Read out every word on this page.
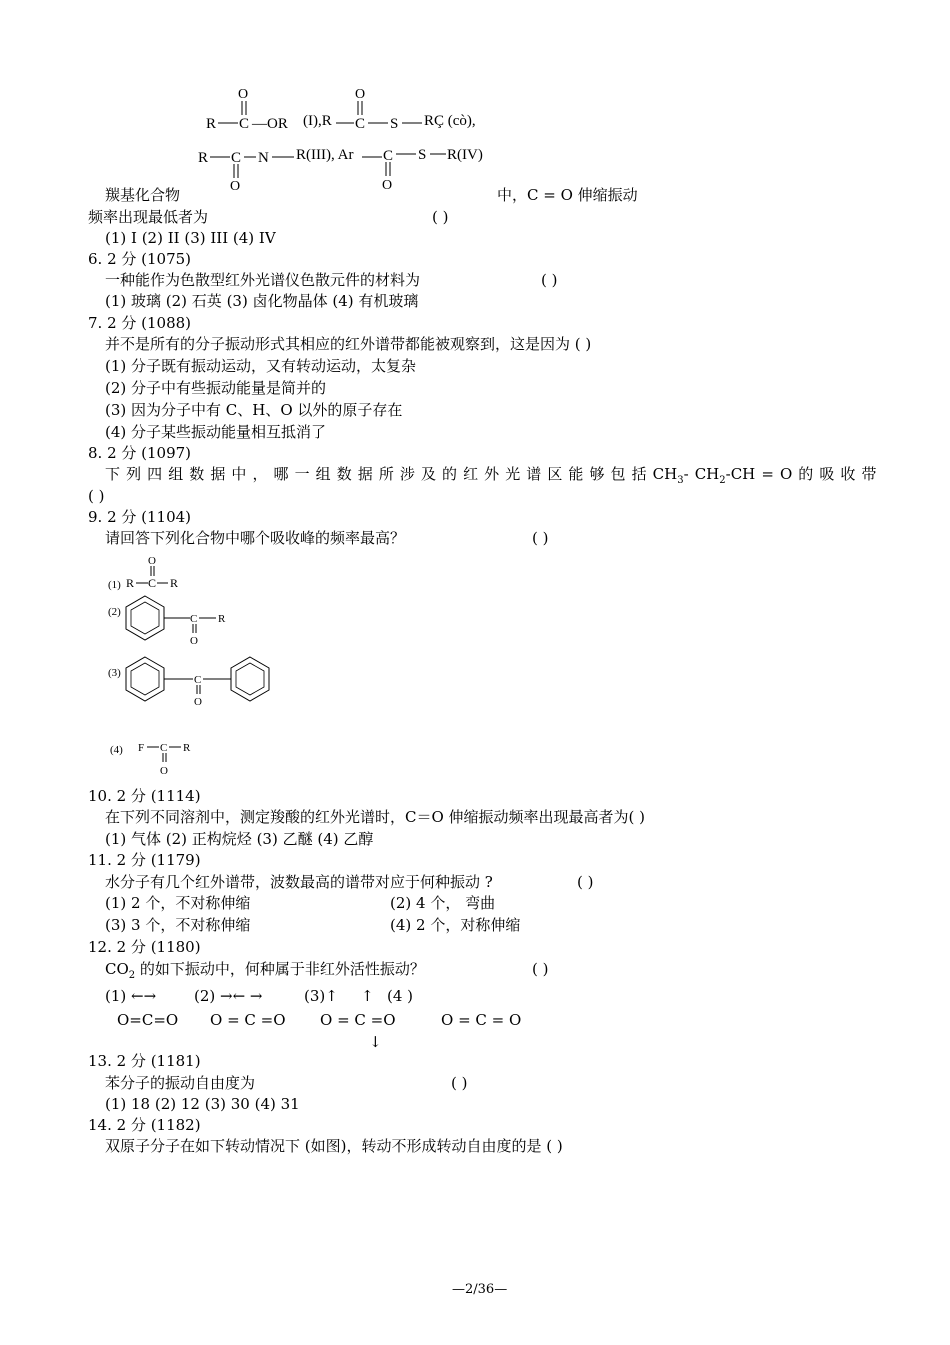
R C
O
—OR (I),R C
O
S RÇ (cò),
R C
O
N R(III), Ar C
O
S R(IV)
羰基化合物	中，C = O 伸缩振动
频率出现最低者为	( )
(1) I (2) II (3) III (4) IV
6. 2 分 (1075)
一种能作为色散型红外光谱仪色散元件的材料为	( )
(1) 玻璃 (2) 石英 (3) 卤化物晶体 (4) 有机玻璃
7. 2 分 (1088)
并不是所有的分子振动形式其相应的红外谱带都能被观察到，这是因为 ( )
(1) 分子既有振动运动，又有转动运动，太复杂
(2) 分子中有些振动能量是简并的
(3) 因为分子中有 C、H、O 以外的原子存在
(4) 分子某些振动能量相互抵消了
8. 2 分 (1097)
下 列 四 组 数 据 中 ， 哪 一 组 数 据 所 涉 及 的 红 外 光 谱 区 能 够 包 括 $CH_3-$ $CH_2-CH = O$ 的 吸 收 带
( )
9. 2 分 (1104)
请回答下列化合物中哪个吸收峰的频率最高？	( )
(1) R C
O
R
(2)
C
O
R
(3)
C
O
(4) F C
O
R
10. 2 分 (1114)
在下列不同溶剂中，测定羧酸的红外光谱时，C＝O 伸缩振动频率出现最高者为( )
(1) 气体 (2) 正构烷烃 (3) 乙醚 (4) 乙醇
11. 2 分 (1179)
水分子有几个红外谱带，波数最高的谱带对应于何种振动 ?	( )
(1) 2 个，不对称伸缩	(2) 4 个， 弯曲
(3) 3 个，不对称伸缩	(4) 2 个，对称伸缩
12. 2 分 (1180)
$CO_2$ 的如下振动中，何种属于非红外活性振动？	( )
(1) ←→	(2) →← →	(3)↑ ↑ (4 )
O=C=O O = C =O O = C =O	O = C = O
↓
13. 2 分 (1181)
苯分子的振动自由度为	( )
(1) 18 (2) 12 (3) 30 (4) 31
14. 2 分 (1182)
双原子分子在如下转动情况下 (如图)，转动不形成转动自由度的是 ( )
—2/36—
